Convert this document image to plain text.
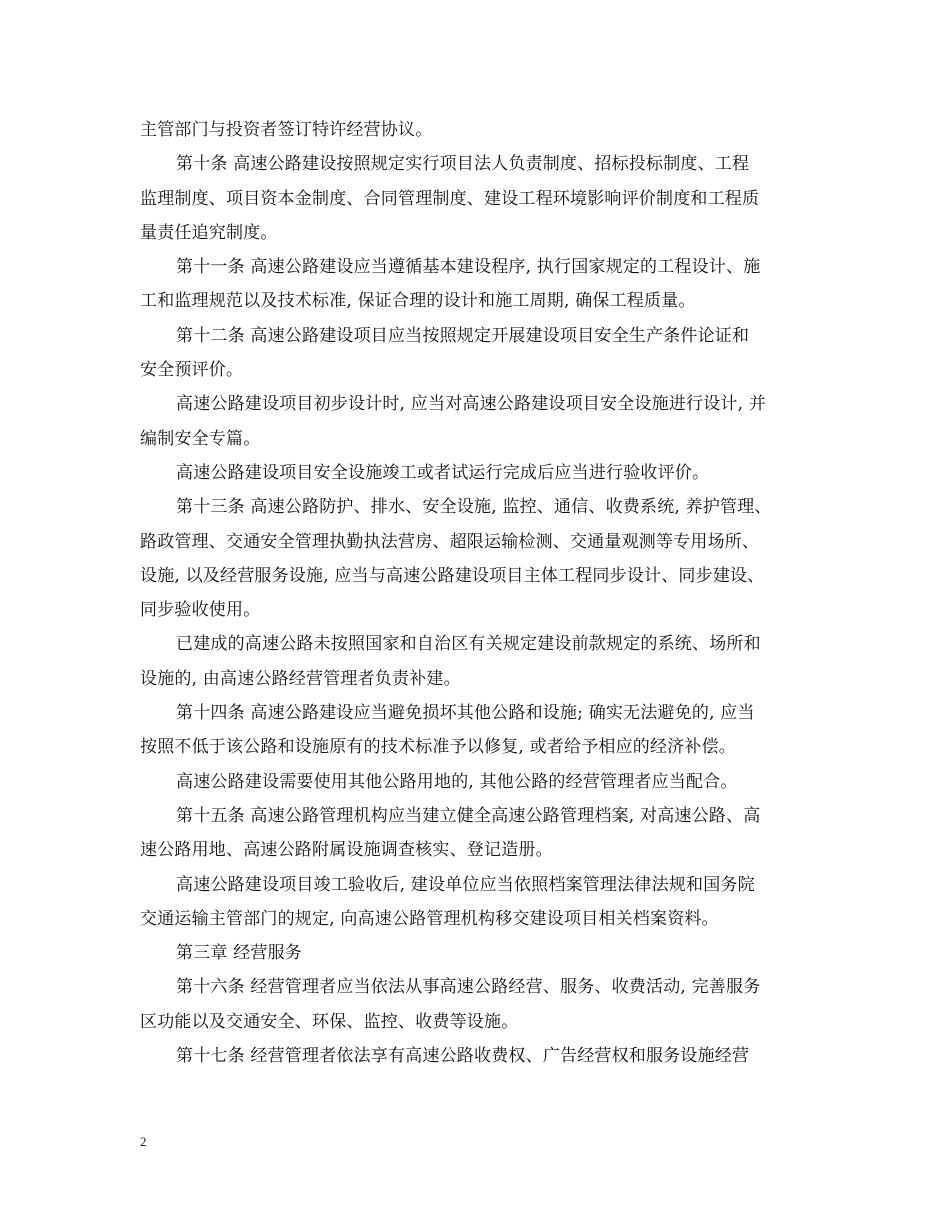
主管部门与投资者签订特许经营协议。
第十条 高速公路建设按照规定实行项目法人负责制度、招标投标制度、工程
监理制度、项目资本金制度、合同管理制度、建设工程环境影响评价制度和工程质
量责任追究制度。
第十一条 高速公路建设应当遵循基本建设程序, 执行国家规定的工程设计、施
工和监理规范以及技术标准, 保证合理的设计和施工周期, 确保工程质量。
第十二条 高速公路建设项目应当按照规定开展建设项目安全生产条件论证和
安全预评价。
高速公路建设项目初步设计时, 应当对高速公路建设项目安全设施进行设计, 并
编制安全专篇。
高速公路建设项目安全设施竣工或者试运行完成后应当进行验收评价。
第十三条 高速公路防护、排水、安全设施, 监控、通信、收费系统, 养护管理、
路政管理、交通安全管理执勤执法营房、超限运输检测、交通量观测等专用场所、
设施, 以及经营服务设施, 应当与高速公路建设项目主体工程同步设计、同步建设、
同步验收使用。
已建成的高速公路未按照国家和自治区有关规定建设前款规定的系统、场所和
设施的, 由高速公路经营管理者负责补建。
第十四条 高速公路建设应当避免损坏其他公路和设施; 确实无法避免的, 应当
按照不低于该公路和设施原有的技术标准予以修复, 或者给予相应的经济补偿。
高速公路建设需要使用其他公路用地的, 其他公路的经营管理者应当配合。
第十五条 高速公路管理机构应当建立健全高速公路管理档案, 对高速公路、高
速公路用地、高速公路附属设施调查核实、登记造册。
高速公路建设项目竣工验收后, 建设单位应当依照档案管理法律法规和国务院
交通运输主管部门的规定, 向高速公路管理机构移交建设项目相关档案资料。
第三章 经营服务
第十六条 经营管理者应当依法从事高速公路经营、服务、收费活动, 完善服务
区功能以及交通安全、环保、监控、收费等设施。
第十七条 经营管理者依法享有高速公路收费权、广告经营权和服务设施经营
2
